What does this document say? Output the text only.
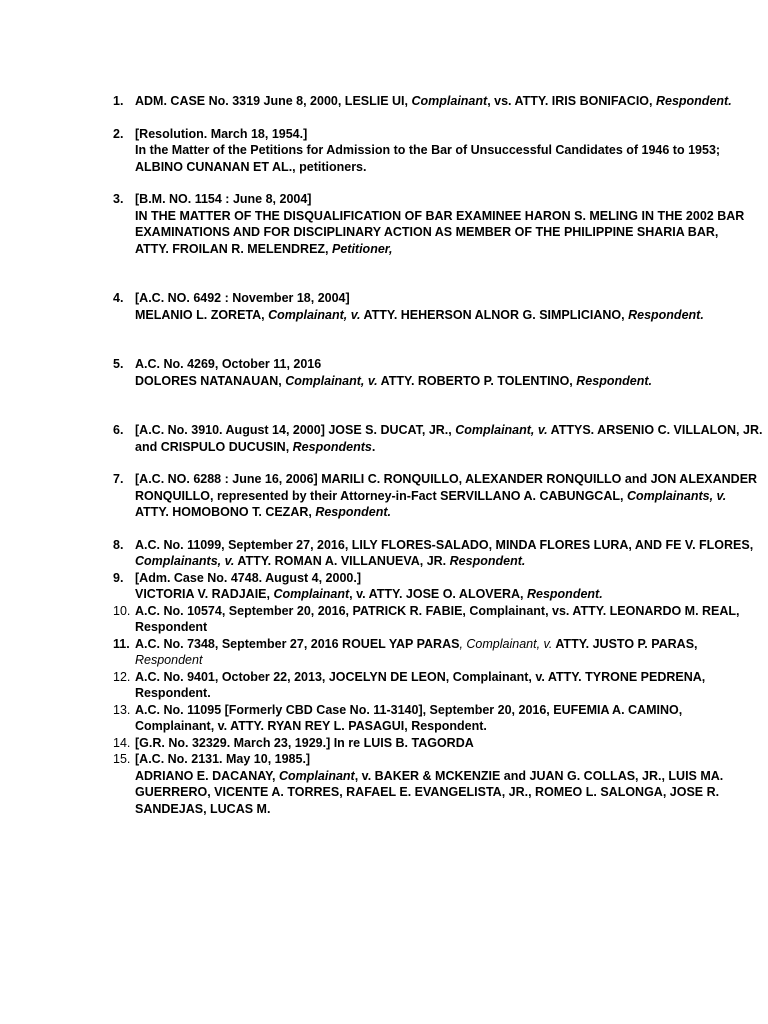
1. ADM. CASE No. 3319 June 8, 2000, LESLIE UI, Complainant, vs. ATTY. IRIS BONIFACIO, Respondent.
2. [Resolution. March 18, 1954.]
In the Matter of the Petitions for Admission to the Bar of Unsuccessful Candidates of 1946 to 1953; ALBINO CUNANAN ET AL., petitioners.
3. [B.M. NO. 1154 : June 8, 2004]
IN THE MATTER OF THE DISQUALIFICATION OF BAR EXAMINEE HARON S. MELING IN THE 2002 BAR EXAMINATIONS AND FOR DISCIPLINARY ACTION AS MEMBER OF THE PHILIPPINE SHARIA BAR,
ATTY. FROILAN R. MELENDREZ, Petitioner,
4. [A.C. NO. 6492 : November 18, 2004]
MELANIO L. ZORETA, Complainant, v. ATTY. HEHERSON ALNOR G. SIMPLICIANO, Respondent.
5. A.C. No. 4269, October 11, 2016
DOLORES NATANAUAN, Complainant, v. ATTY. ROBERTO P. TOLENTINO, Respondent.
6. [A.C. No. 3910. August 14, 2000] JOSE S. DUCAT, JR., Complainant, v. ATTYS. ARSENIO C. VILLALON, JR. and CRISPULO DUCUSIN, Respondents.
7. [A.C. NO. 6288 : June 16, 2006] MARILI C. RONQUILLO, ALEXANDER RONQUILLO and JON ALEXANDER RONQUILLO, represented by their Attorney-in-Fact SERVILLANO A. CABUNGCAL, Complainants, v. ATTY. HOMOBONO T. CEZAR, Respondent.
8. A.C. No. 11099, September 27, 2016, LILY FLORES-SALADO, MINDA FLORES LURA, AND FE V. FLORES, Complainants, v. ATTY. ROMAN A. VILLANUEVA, JR. Respondent.
9. [Adm. Case No. 4748. August 4, 2000.]
VICTORIA V. RADJAIE, Complainant, v. ATTY. JOSE O. ALOVERA, Respondent.
10. A.C. No. 10574, September 20, 2016, PATRICK R. FABIE, Complainant, vs. ATTY. LEONARDO M. REAL, Respondent
11. A.C. No. 7348, September 27, 2016 ROUEL YAP PARAS, Complainant, v. ATTY. JUSTO P. PARAS, Respondent
12. A.C. No. 9401, October 22, 2013, JOCELYN DE LEON, Complainant, v. ATTY. TYRONE PEDRENA, Respondent.
13. A.C. No. 11095 [Formerly CBD Case No. 11-3140], September 20, 2016, EUFEMIA A. CAMINO, Complainant, v. ATTY. RYAN REY L. PASAGUI, Respondent.
14. [G.R. No. 32329. March 23, 1929.] In re LUIS B. TAGORDA
15. [A.C. No. 2131. May 10, 1985.]
ADRIANO E. DACANAY, Complainant, v. BAKER & MCKENZIE and JUAN G. COLLAS, JR., LUIS MA. GUERRERO, VICENTE A. TORRES, RAFAEL E. EVANGELISTA, JR., ROMEO L. SALONGA, JOSE R. SANDEJAS, LUCAS M.
